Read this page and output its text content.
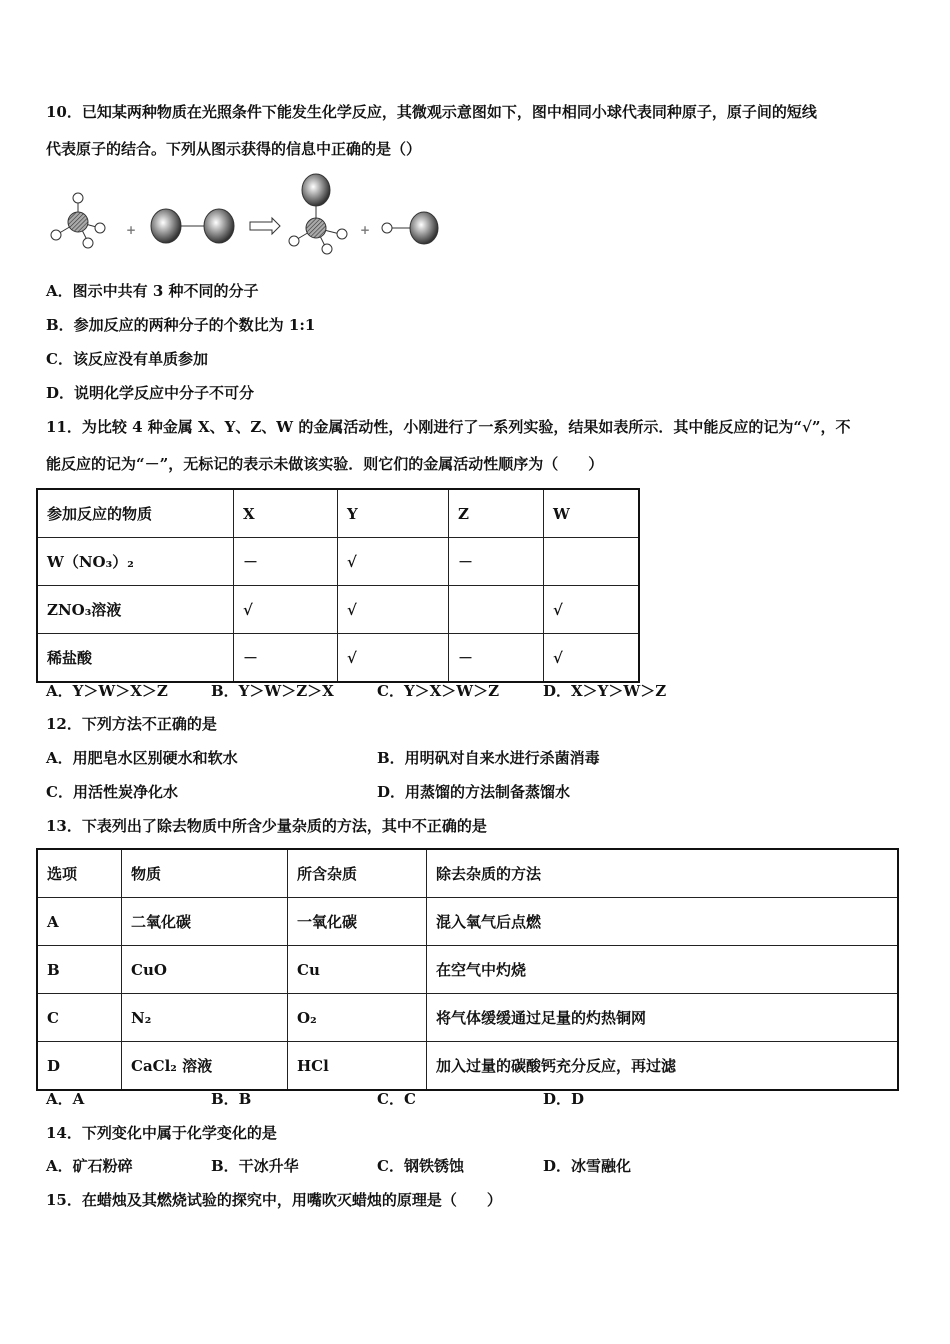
10．已知某两种物质在光照条件下能发生化学反应，其微观示意图如下，图中相同小球代表同种原子，原子间的短线
代表原子的结合。下列从图示获得的信息中正确的是（）
+	+
A．图示中共有 3 种不同的分子
B．参加反应的两种分子的个数比为 1:1
C．该反应没有单质参加
D．说明化学反应中分子不可分
11．为比较 4 种金属 X、Y、Z、W 的金属活动性，小刚进行了一系列实验，结果如表所示．其中能反应的记为“√”，不
能反应的记为“－”，无标记的表示未做该实验．则它们的金属活动性顺序为（　　）
参加反应的物质	X	Y	Z	W
W（NO₃）₂	－	√	－	
ZNO₃溶液	√	√		√
稀盐酸	－	√	－	√
A．Y＞W＞X＞Z	B．Y＞W＞Z＞X	C．Y＞X＞W＞Z	D．X＞Y＞W＞Z
12．下列方法不正确的是
A．用肥皂水区别硬水和软水	B．用明矾对自来水进行杀菌消毒
C．用活性炭净化水	D．用蒸馏的方法制备蒸馏水
13．下表列出了除去物质中所含少量杂质的方法，其中不正确的是
选项	物质	所含杂质	除去杂质的方法
A	二氧化碳	一氧化碳	混入氧气后点燃
B	CuO	Cu	在空气中灼烧
C	N₂	O₂	将气体缓缓通过足量的灼热铜网
D	CaCl₂ 溶液	HCl	加入过量的碳酸钙充分反应，再过滤
A．A	B．B	C．C	D．D
14．下列变化中属于化学变化的是
A．矿石粉碎	B．干冰升华	C．钢铁锈蚀	D．冰雪融化
15．在蜡烛及其燃烧试验的探究中，用嘴吹灭蜡烛的原理是（　　）
